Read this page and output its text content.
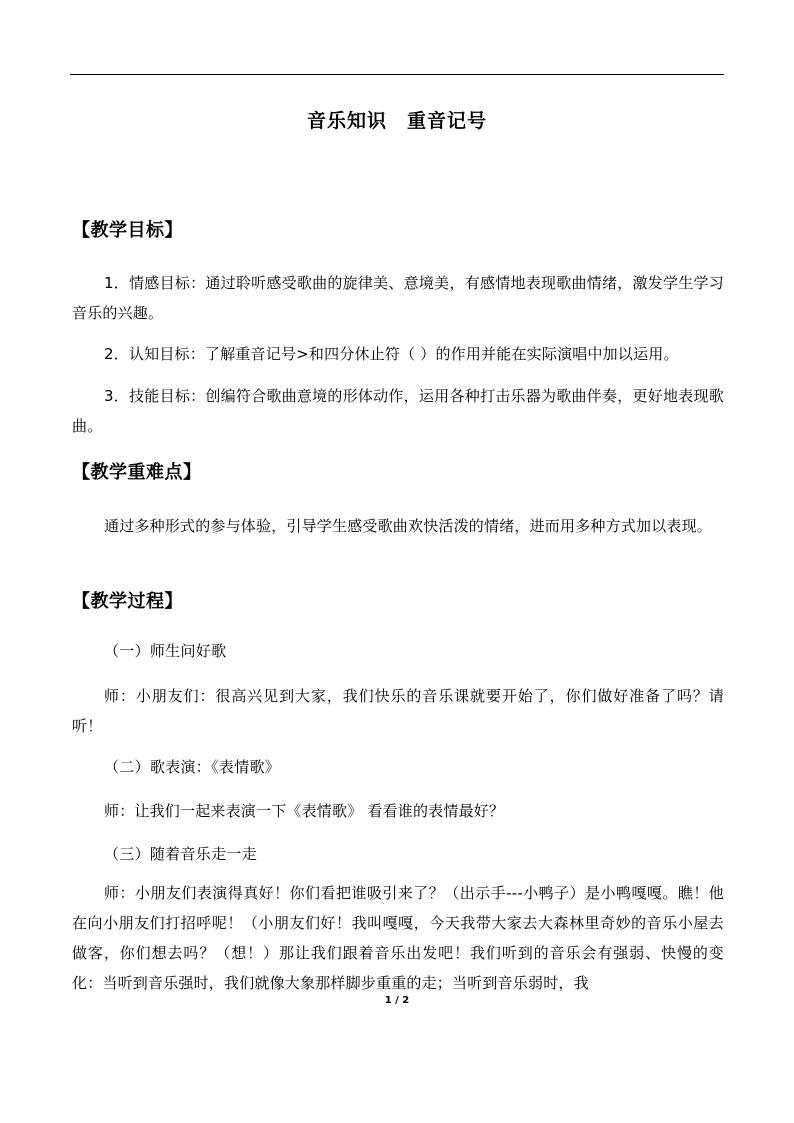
音乐知识　重音记号
【教学目标】
1．情感目标：通过聆听感受歌曲的旋律美、意境美，有感情地表现歌曲情绪，激发学生学习音乐的兴趣。
2．认知目标：了解重音记号>和四分休止符（ ）的作用并能在实际演唱中加以运用。
3．技能目标：创编符合歌曲意境的形体动作，运用各种打击乐器为歌曲伴奏，更好地表现歌曲。
【教学重难点】
通过多种形式的参与体验，引导学生感受歌曲欢快活泼的情绪，进而用多种方式加以表现。
【教学过程】
（一）师生问好歌
师：小朋友们：很高兴见到大家，我们快乐的音乐课就要开始了，你们做好准备了吗？请听！
（二）歌表演：《表情歌》
师：让我们一起来表演一下《表情歌》 看看谁的表情最好？
（三）随着音乐走一走
师：小朋友们表演得真好！你们看把谁吸引来了？（出示手---小鸭子）是小鸭嘎嘎。瞧！他在向小朋友们打招呼呢！（小朋友们好！我叫嘎嘎，今天我带大家去大森林里奇妙的音乐小屋去做客，你们想去吗？（想！）那让我们跟着音乐出发吧！我们听到的音乐会有强弱、快慢的变化：当听到音乐强时，我们就像大象那样脚步重重的走；当听到音乐弱时，我
1 / 2
